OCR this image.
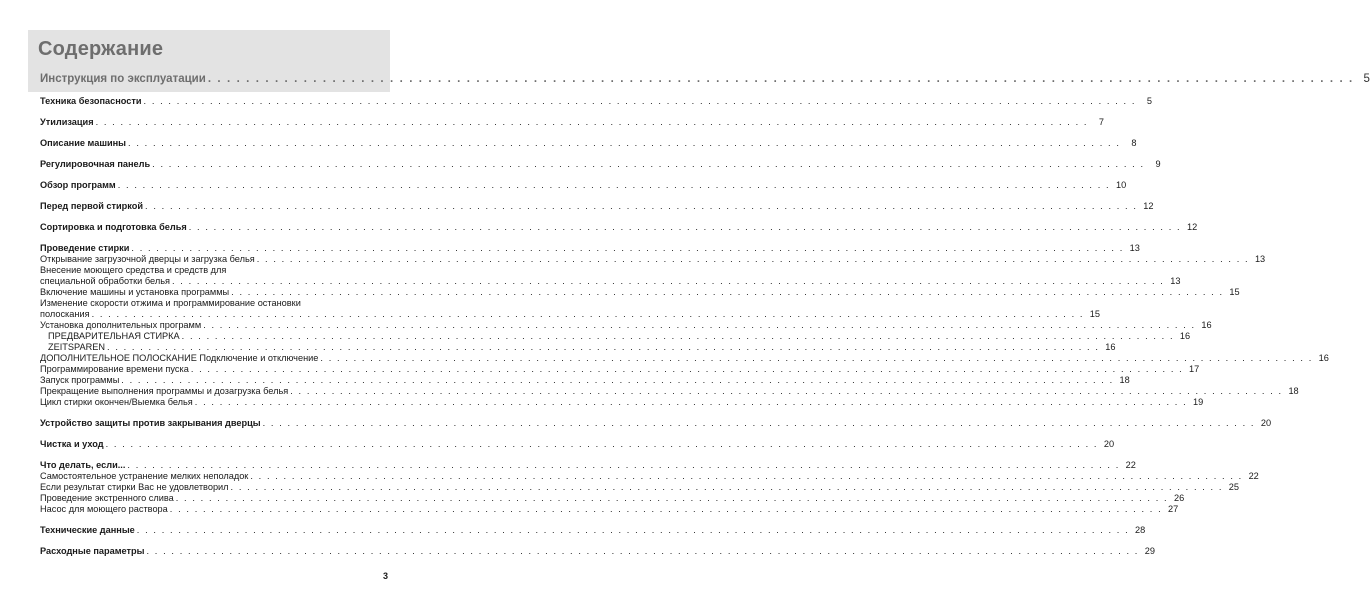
Содержание
Инструкция по эксплуатации . . . . . . . . . . . . . . . . . . . . . . . . . . . . . . . . . . . . . . . . . . . . . . . . . . . . . . . . . . . . . . . . . . . . . . . . . . . . . . . . . . . . . . . . . . . . . . . . . . . . . . . . . . . . . . . . . . . . . . . . 5
Техника безопасности . . . . . . . . . . . . . . . . . . . . . . . . . . . . . . . . . . . . . . . . . . . . . . . . . . . . . . . . . . . . . . . . . . . . . . . . . . . . . . . . . . . . . . . . . . . . . . . . . . . . . . . . . . . . . . . . . . . . . . . .	5
Утилизация . . . . . . . . . . . . . . . . . . . . . . . . . . . . . . . . . . . . . . . . . . . . . . . . . . . . . . . . . . . . . . . . . . . . . . . . . . . . . . . . . . . . . . . . . . . . . . . . . . . . . . . . . . . . . . . . . . . . . . . .	7
Описание машины . . . . . . . . . . . . . . . . . . . . . . . . . . . . . . . . . . . . . . . . . . . . . . . . . . . . . . . . . . . . . . . . . . . . . . . . . . . . . . . . . . . . . . . . . . . . . . . . . . . . . . . . . . . . . . . . . . . . . . . .	8
Регулировочная панель . . . . . . . . . . . . . . . . . . . . . . . . . . . . . . . . . . . . . . . . . . . . . . . . . . . . . . . . . . . . . . . . . . . . . . . . . . . . . . . . . . . . . . . . . . . . . . . . . . . . . . . . . . . . . . . . . . . . . . . .	9
Обзор программ . . . . . . . . . . . . . . . . . . . . . . . . . . . . . . . . . . . . . . . . . . . . . . . . . . . . . . . . . . . . . . . . . . . . . . . . . . . . . . . . . . . . . . . . . . . . . . . . . . . . . . . . . . . . . . . . . . . . . . . . 10
Перед первой стиркой . . . . . . . . . . . . . . . . . . . . . . . . . . . . . . . . . . . . . . . . . . . . . . . . . . . . . . . . . . . . . . . . . . . . . . . . . . . . . . . . . . . . . . . . . . . . . . . . . . . . . . . . . . . . . . . . . . . . . . . . 12
Сортировка и подготовка белья . . . . . . . . . . . . . . . . . . . . . . . . . . . . . . . . . . . . . . . . . . . . . . . . . . . . . . . . . . . . . . . . . . . . . . . . . . . . . . . . . . . . . . . . . . . . . . . . . . . . . . . . . . . . . . . . . . . . . . . . 12
Проведение стирки . . . . . . . . . . . . . . . . . . . . . . . . . . . . . . . . . . . . . . . . . . . . . . . . . . . . . . . . . . . . . . . . . . . . . . . . . . . . . . . . . . . . . . . . . . . . . . . . . . . . . . . . . . . . . . . . . . . . . . . . 13
Открывание загрузочной дверцы и загрузка белья . . . . . . . . . . . . . . . . . . . . . . . . . . . . . . . . . . . . . . . . . . . . . . . . . . . . . . . . . . . . . . . . . . . . . . . . . . . . . . . . . . . . . . . . . . . . . . . . . . . . . . . . . . . . . . . . . . . . . . . . 13
Внесение моющего средства и средств для
специальной обработки белья . . . . . . . . . . . . . . . . . . . . . . . . . . . . . . . . . . . . . . . . . . . . . . . . . . . . . . . . . . . . . . . . . . . . . . . . . . . . . . . . . . . . . . . . . . . . . . . . . . . . . . . . . . . . . . . . . . . . . . . . 13
Включение машины и установка программы . . . . . . . . . . . . . . . . . . . . . . . . . . . . . . . . . . . . . . . . . . . . . . . . . . . . . . . . . . . . . . . . . . . . . . . . . . . . . . . . . . . . . . . . . . . . . . . . . . . . . . . . . . . . . . . . . . . . . . . . 15
Изменение скорости отжима и программирование остановки
полоскания . . . . . . . . . . . . . . . . . . . . . . . . . . . . . . . . . . . . . . . . . . . . . . . . . . . . . . . . . . . . . . . . . . . . . . . . . . . . . . . . . . . . . . . . . . . . . . . . . . . . . . . . . . . . . . . . . . . . . . . . 15
Установка дополнительных программ . . . . . . . . . . . . . . . . . . . . . . . . . . . . . . . . . . . . . . . . . . . . . . . . . . . . . . . . . . . . . . . . . . . . . . . . . . . . . . . . . . . . . . . . . . . . . . . . . . . . . . . . . . . . . . . . . . . . . . . . 16
ПРЕДВАРИТЕЛЬНАЯ СТИРКА . . . . . . . . . . . . . . . . . . . . . . . . . . . . . . . . . . . . . . . . . . . . . . . . . . . . . . . . . . . . . . . . . . . . . . . . . . . . . . . . . . . . . . . . . . . . . . . . . . . . . . . . . . . . . . . . . . . . . . . . 16
ZEITSPAREN . . . . . . . . . . . . . . . . . . . . . . . . . . . . . . . . . . . . . . . . . . . . . . . . . . . . . . . . . . . . . . . . . . . . . . . . . . . . . . . . . . . . . . . . . . . . . . . . . . . . . . . . . . . . . . . . . . . . . . . . 16
ДОПОЛНИТЕЛЬНОЕ ПОЛОСКАНИЕ Подключение и отключение . . . . . . . . . . . . . . . . . . . . . . . . . . . . . . . . . . . . . . . . . . . . . . . . . . . . . . . . . . . . . . . . . . . . . . . . . . . . . . . . . . . . . . . . . . . . . . . . . . . . . . . . . . . . . . . . . . . . . . . . 16
Программирование времени пуска . . . . . . . . . . . . . . . . . . . . . . . . . . . . . . . . . . . . . . . . . . . . . . . . . . . . . . . . . . . . . . . . . . . . . . . . . . . . . . . . . . . . . . . . . . . . . . . . . . . . . . . . . . . . . . . . . . . . . . . . 17
Запуск программы . . . . . . . . . . . . . . . . . . . . . . . . . . . . . . . . . . . . . . . . . . . . . . . . . . . . . . . . . . . . . . . . . . . . . . . . . . . . . . . . . . . . . . . . . . . . . . . . . . . . . . . . . . . . . . . . . . . . . . . . 18
Прекращение выполнения программы и дозагрузка белья . . . . . . . . . . . . . . . . . . . . . . . . . . . . . . . . . . . . . . . . . . . . . . . . . . . . . . . . . . . . . . . . . . . . . . . . . . . . . . . . . . . . . . . . . . . . . . . . . . . . . . . . . . . . . . . . . . . . . . . . 18
Цикл стирки окончен/Выемка белья . . . . . . . . . . . . . . . . . . . . . . . . . . . . . . . . . . . . . . . . . . . . . . . . . . . . . . . . . . . . . . . . . . . . . . . . . . . . . . . . . . . . . . . . . . . . . . . . . . . . . . . . . . . . . . . . . . . . . . . . 19
Устройство защиты против закрывания дверцы . . . . . . . . . . . . . . . . . . . . . . . . . . . . . . . . . . . . . . . . . . . . . . . . . . . . . . . . . . . . . . . . . . . . . . . . . . . . . . . . . . . . . . . . . . . . . . . . . . . . . . . . . . . . . . . . . . . . . . . . 20
Чистка и уход . . . . . . . . . . . . . . . . . . . . . . . . . . . . . . . . . . . . . . . . . . . . . . . . . . . . . . . . . . . . . . . . . . . . . . . . . . . . . . . . . . . . . . . . . . . . . . . . . . . . . . . . . . . . . . . . . . . . . . . . 20
Что делать, если... . . . . . . . . . . . . . . . . . . . . . . . . . . . . . . . . . . . . . . . . . . . . . . . . . . . . . . . . . . . . . . . . . . . . . . . . . . . . . . . . . . . . . . . . . . . . . . . . . . . . . . . . . . . . . . . . . . . . . . . . 22
Самостоятельное устранение мелких неполадок . . . . . . . . . . . . . . . . . . . . . . . . . . . . . . . . . . . . . . . . . . . . . . . . . . . . . . . . . . . . . . . . . . . . . . . . . . . . . . . . . . . . . . . . . . . . . . . . . . . . . . . . . . . . . . . . . . . . . . . . 22
Если результат стирки Вас не удовлетворил . . . . . . . . . . . . . . . . . . . . . . . . . . . . . . . . . . . . . . . . . . . . . . . . . . . . . . . . . . . . . . . . . . . . . . . . . . . . . . . . . . . . . . . . . . . . . . . . . . . . . . . . . . . . . . . . . . . . . . . . 25
Проведение экстренного слива . . . . . . . . . . . . . . . . . . . . . . . . . . . . . . . . . . . . . . . . . . . . . . . . . . . . . . . . . . . . . . . . . . . . . . . . . . . . . . . . . . . . . . . . . . . . . . . . . . . . . . . . . . . . . . . . . . . . . . . . 26
Насос для моющего раствора . . . . . . . . . . . . . . . . . . . . . . . . . . . . . . . . . . . . . . . . . . . . . . . . . . . . . . . . . . . . . . . . . . . . . . . . . . . . . . . . . . . . . . . . . . . . . . . . . . . . . . . . . . . . . . . . . . . . . . . . 27
Технические данные . . . . . . . . . . . . . . . . . . . . . . . . . . . . . . . . . . . . . . . . . . . . . . . . . . . . . . . . . . . . . . . . . . . . . . . . . . . . . . . . . . . . . . . . . . . . . . . . . . . . . . . . . . . . . . . . . . . . . . . . 28
Расходные параметры . . . . . . . . . . . . . . . . . . . . . . . . . . . . . . . . . . . . . . . . . . . . . . . . . . . . . . . . . . . . . . . . . . . . . . . . . . . . . . . . . . . . . . . . . . . . . . . . . . . . . . . . . . . . . . . . . . . . . . . . 29
3
